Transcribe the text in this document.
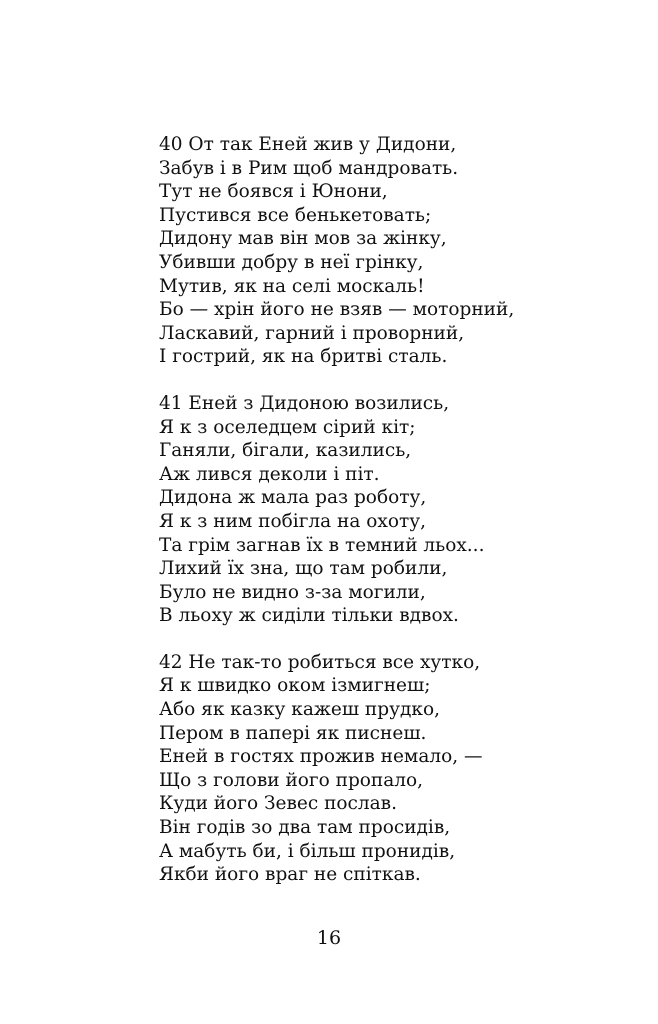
40 От так Еней жив у Дидони,
Забув і в Рим щоб мандровать.
Тут не боявся і Юнони,
Пустився все бенькетовать;
Дидону мав він мов за жінку,
Убивши добру в неї грінку,
Мутив, як на селі москаль!
Бо — хрін його не взяв — моторний,
Ласкавий, гарний і проворний,
І гострий, як на бритві сталь.
41 Еней з Дидоною возились,
Я к з оселедцем сірий кіт;
Ганяли, бігали, казились,
Аж лився деколи і піт.
Дидона ж мала раз роботу,
Я к з ним побігла на охоту,
Та грім загнав їх в темний льох...
Лихий їх зна, що там робили,
Було не видно з-за могили,
В льоху ж сиділи тільки вдвох.
42 Не так-то робиться все хутко,
Я к швидко оком ізмигнеш;
Або як казку кажеш прудко,
Пером в папері як писнеш.
Еней в гостях прожив немало, —
Що з голови його пропало,
Куди його Зевес послав.
Він годів зо два там просидів,
А мабуть би, і більш пронидів,
Якби його враг не спіткав.
16
